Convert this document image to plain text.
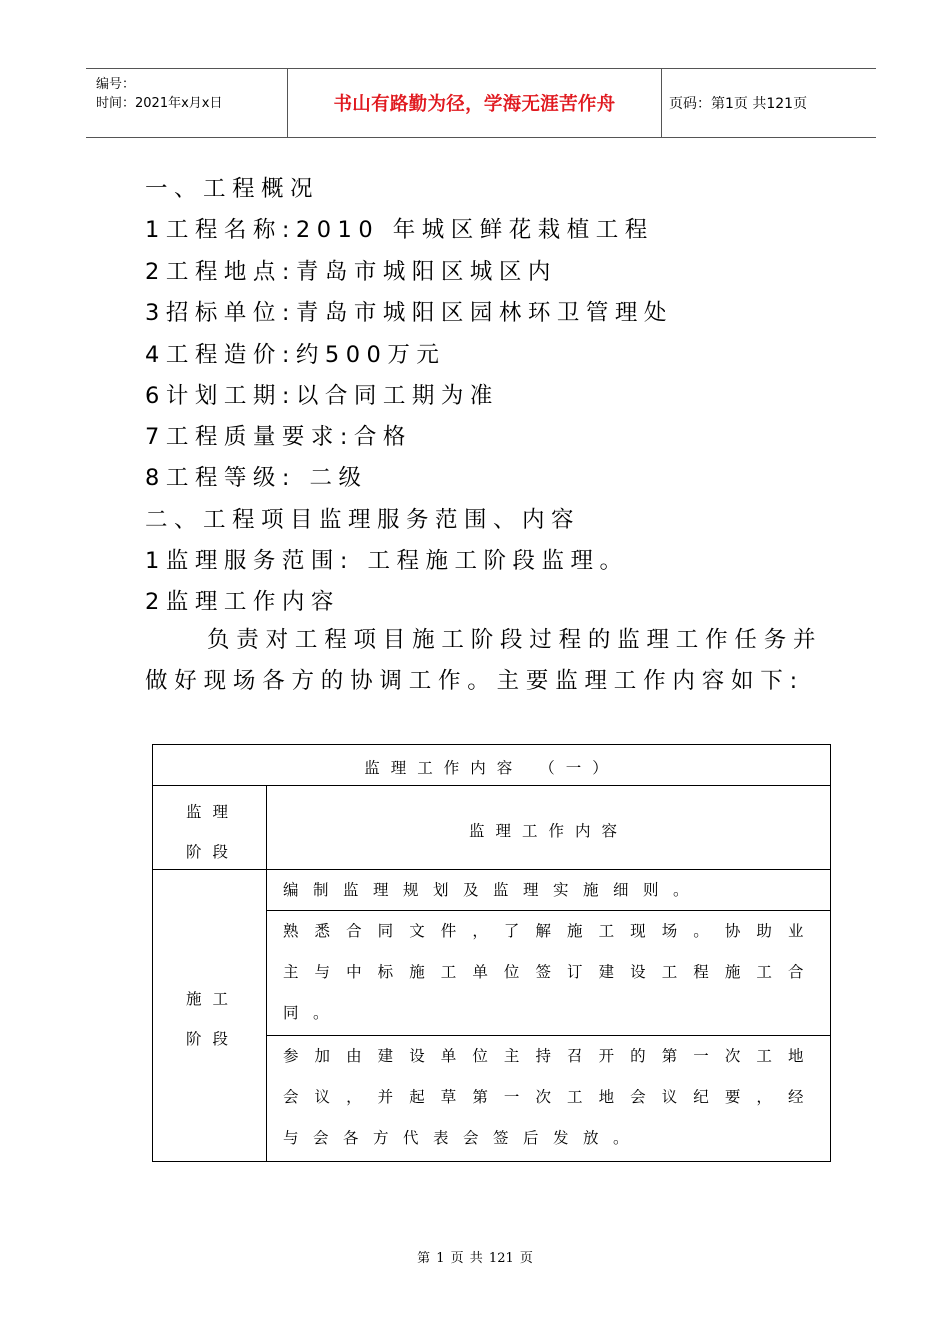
编号：
时间：2021年x月x日	书山有路勤为径，学海无涯苦作舟	页码：第1页 共121页
一、工程概况
1工程名称:2010 年城区鲜花栽植工程
2工程地点:青岛市城阳区城区内
3招标单位:青岛市城阳区园林环卫管理处
4工程造价:约500万元
6计划工期:以合同工期为准
7工程质量要求:合格
8工程等级: 二级
二、工程项目监理服务范围、内容
1监理服务范围: 工程施工阶段监理。
2监理工作内容
负责对工程项目施工阶段过程的监理工作任务并做好现场各方的协调工作。主要监理工作内容如下:
监理工作内容 （一）
监理
阶段
监理工作内容
施工
阶段
编制监理规划及监理实施细则。
熟悉合同文件，了解施工现场。协助业主与中标施工单位签订建设工程施工合同。
参加由建设单位主持召开的第一次工地会议，并起草第一次工地会议纪要，经与会各方代表会签后发放。
第 1 页 共 121 页
